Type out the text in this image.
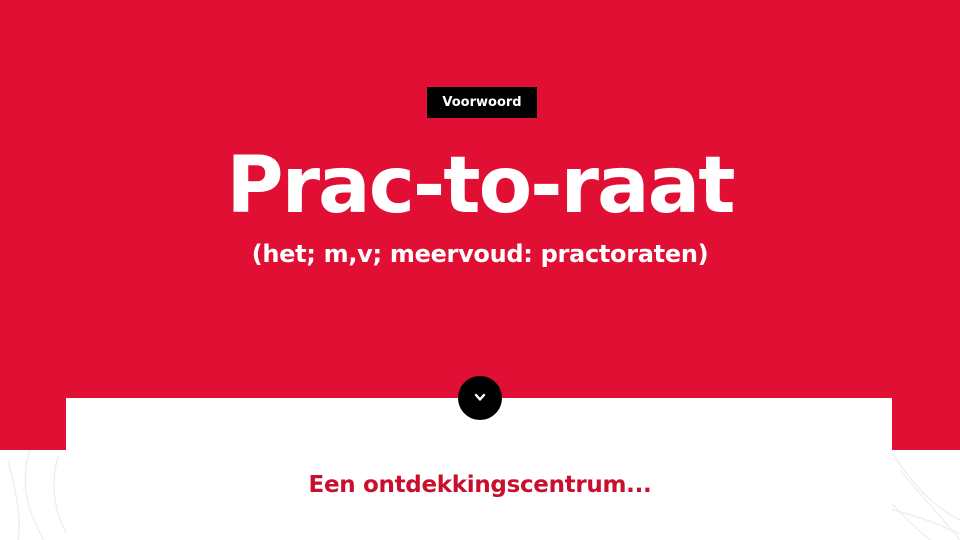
Voorwoord
Prac-to-raat

(het; m,v; meervoud: practoraten)

Een ontdekkingscentrum...
